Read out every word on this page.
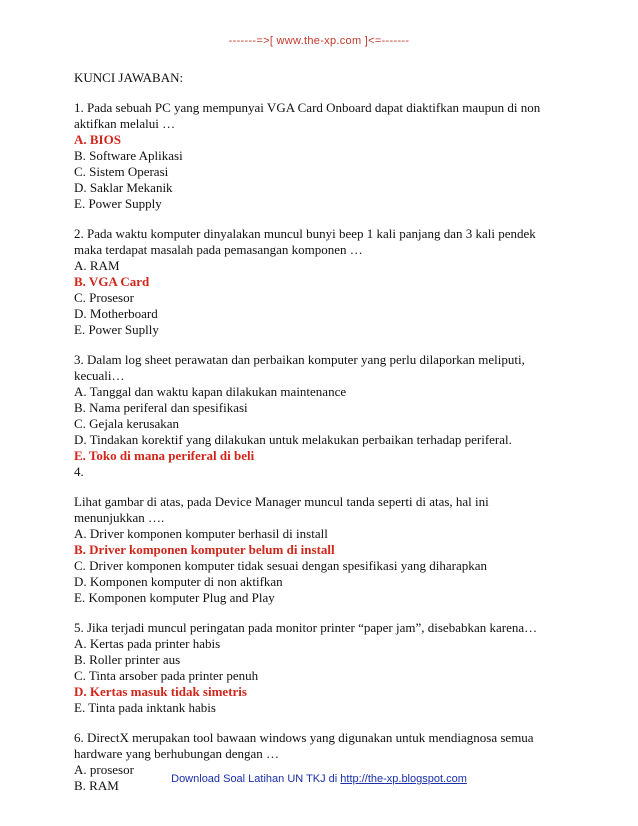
-------=>[ www.the-xp.com ]<=-------

KUNCI JAWABAN:

1. Pada sebuah PC yang mempunyai VGA Card Onboard dapat diaktifkan maupun di non

aktifkan melalui …

A. BIOS

B. Software Aplikasi

C. Sistem Operasi

D. Saklar Mekanik

E. Power Supply

2. Pada waktu komputer dinyalakan muncul bunyi beep 1 kali panjang dan 3 kali pendek

maka terdapat masalah pada pemasangan komponen …

A. RAM

B. VGA Card

C. Prosesor

D. Motherboard

E. Power Suplly

3. Dalam log sheet perawatan dan perbaikan komputer yang perlu dilaporkan meliputi,

kecuali…

A. Tanggal dan waktu kapan dilakukan maintenance

B. Nama periferal dan spesifikasi

C. Gejala kerusakan

D. Tindakan korektif yang dilakukan untuk melakukan perbaikan terhadap periferal.

E. Toko di mana periferal di beli

4.

Lihat gambar di atas, pada Device Manager muncul tanda seperti di atas, hal ini

menunjukkan ….

A. Driver komponen komputer berhasil di install

B. Driver komponen komputer belum di install

C. Driver komponen komputer tidak sesuai dengan spesifikasi yang diharapkan

D. Komponen komputer di non aktifkan

E. Komponen komputer Plug and Play

5. Jika terjadi muncul peringatan pada monitor printer “paper jam”, disebabkan karena…

A. Kertas pada printer habis

B. Roller printer aus

C. Tinta arsober pada printer penuh

D. Kertas masuk tidak simetris

E. Tinta pada inktank habis

6. DirectX merupakan tool bawaan windows yang digunakan untuk mendiagnosa semua

hardware yang berhubungan dengan …

A. prosesor

B. RAM	Download Soal Latihan UN TKJ di http://the-xp.blogspot.com
